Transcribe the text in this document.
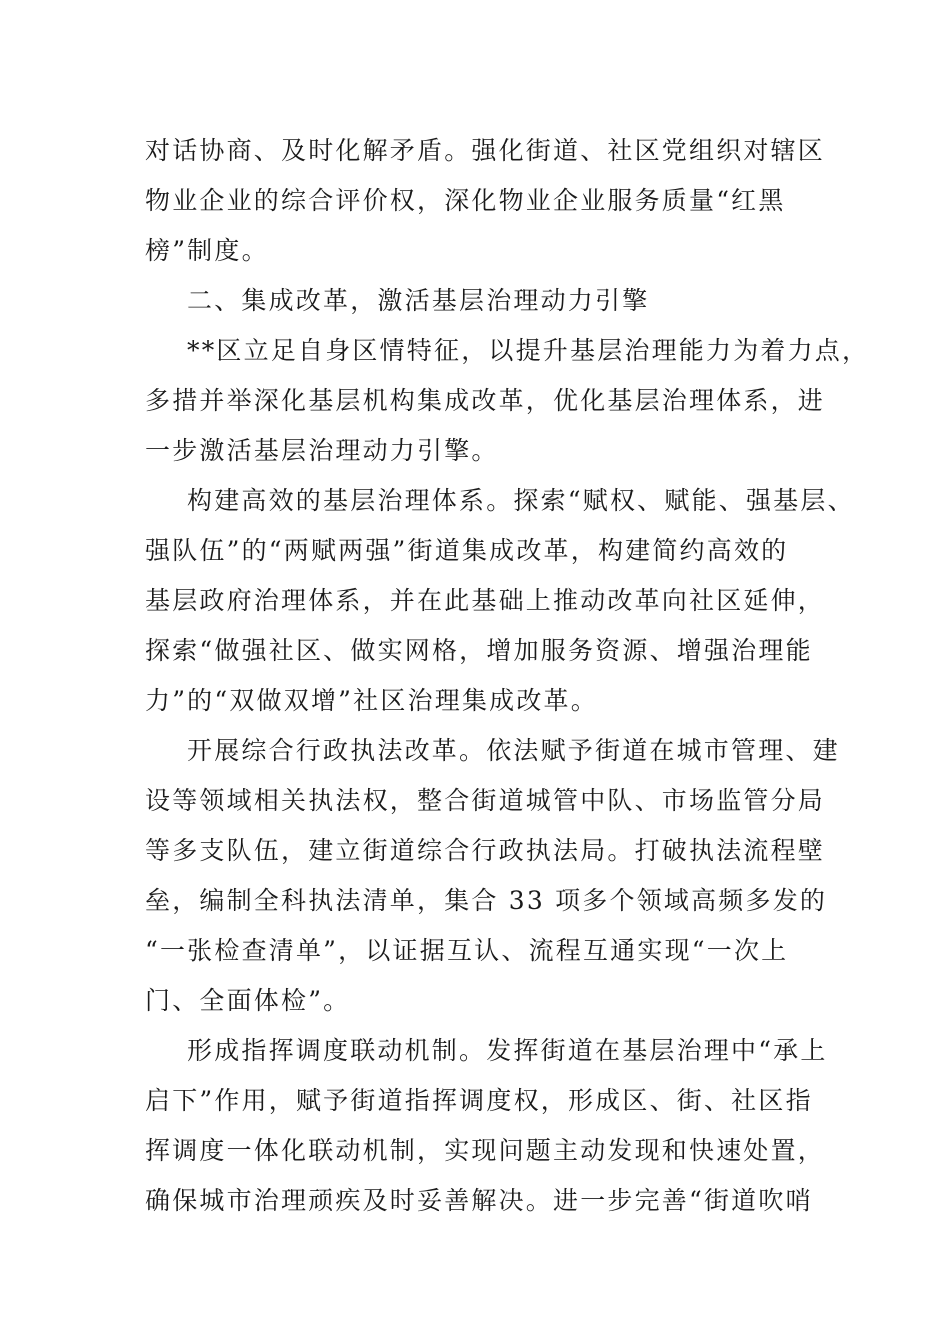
对话协商、及时化解矛盾。强化街道、社区党组织对辖区
物业企业的综合评价权，深化物业企业服务质量“红黑
榜”制度。
二、集成改革，激活基层治理动力引擎
**区立足自身区情特征，以提升基层治理能力为着力点，
多措并举深化基层机构集成改革，优化基层治理体系，进
一步激活基层治理动力引擎。
构建高效的基层治理体系。探索“赋权、赋能、强基层、
强队伍”的“两赋两强”街道集成改革，构建简约高效的
基层政府治理体系，并在此基础上推动改革向社区延伸，
探索“做强社区、做实网格，增加服务资源、增强治理能
力”的“双做双增”社区治理集成改革。
开展综合行政执法改革。依法赋予街道在城市管理、建
设等领域相关执法权，整合街道城管中队、市场监管分局
等多支队伍，建立街道综合行政执法局。打破执法流程壁
垒，编制全科执法清单，集合 33 项多个领域高频多发的
“一张检查清单”，以证据互认、流程互通实现“一次上
门、全面体检”。
形成指挥调度联动机制。发挥街道在基层治理中“承上
启下”作用，赋予街道指挥调度权，形成区、街、社区指
挥调度一体化联动机制，实现问题主动发现和快速处置，
确保城市治理顽疾及时妥善解决。进一步完善“街道吹哨
